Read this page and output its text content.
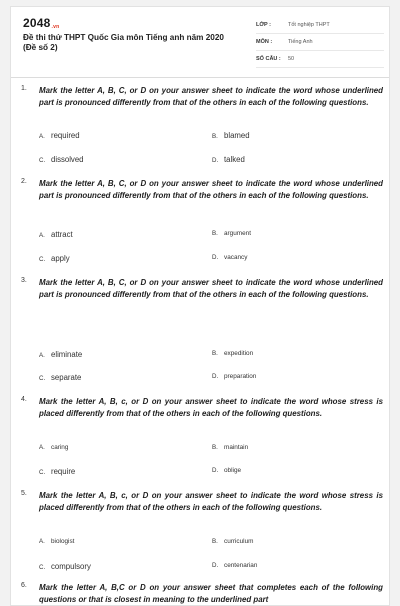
2048.vn
Đề thi thử THPT Quốc Gia môn Tiếng anh năm 2020 (Đề số 2)
LỚP :	Tốt nghiệp THPT
MÔN :	Tiếng Anh
SỐ CÂU :	50
1. Mark the letter A, B, C, or D on your answer sheet to indicate the word whose underlined part is pronounced differently from that of the others in each of the following questions.
A. required	B. blamed
C. dissolved	D. talked
2. Mark the letter A, B, C, or D on your answer sheet to indicate the word whose underlined part is pronounced differently from that of the others in each of the following questions.
A. attract	B. argument
C. apply	D. vacancy
3. Mark the letter A, B, C, or D on your answer sheet to indicate the word whose underlined part is pronounced differently from that of the others in each of the following questions.
A. eliminate	B. expedition
C. separate	D. preparation
4. Mark the letter A, B, c, or D on your answer sheet to indicate the word whose stress is placed differently from that of the others in each of the following questions.
A. caring	B. maintain
C. require	D. oblige
5. Mark the letter A, B, c, or D on your answer sheet to indicate the word whose stress is placed differently from that of the others in each of the following questions.
A. biologist	B. curriculum
C. compulsory	D. centenarian
6. Mark the letter A, B,C or D on your answer sheet that completes each of the following questions or that is closest in meaning to the underlined part
